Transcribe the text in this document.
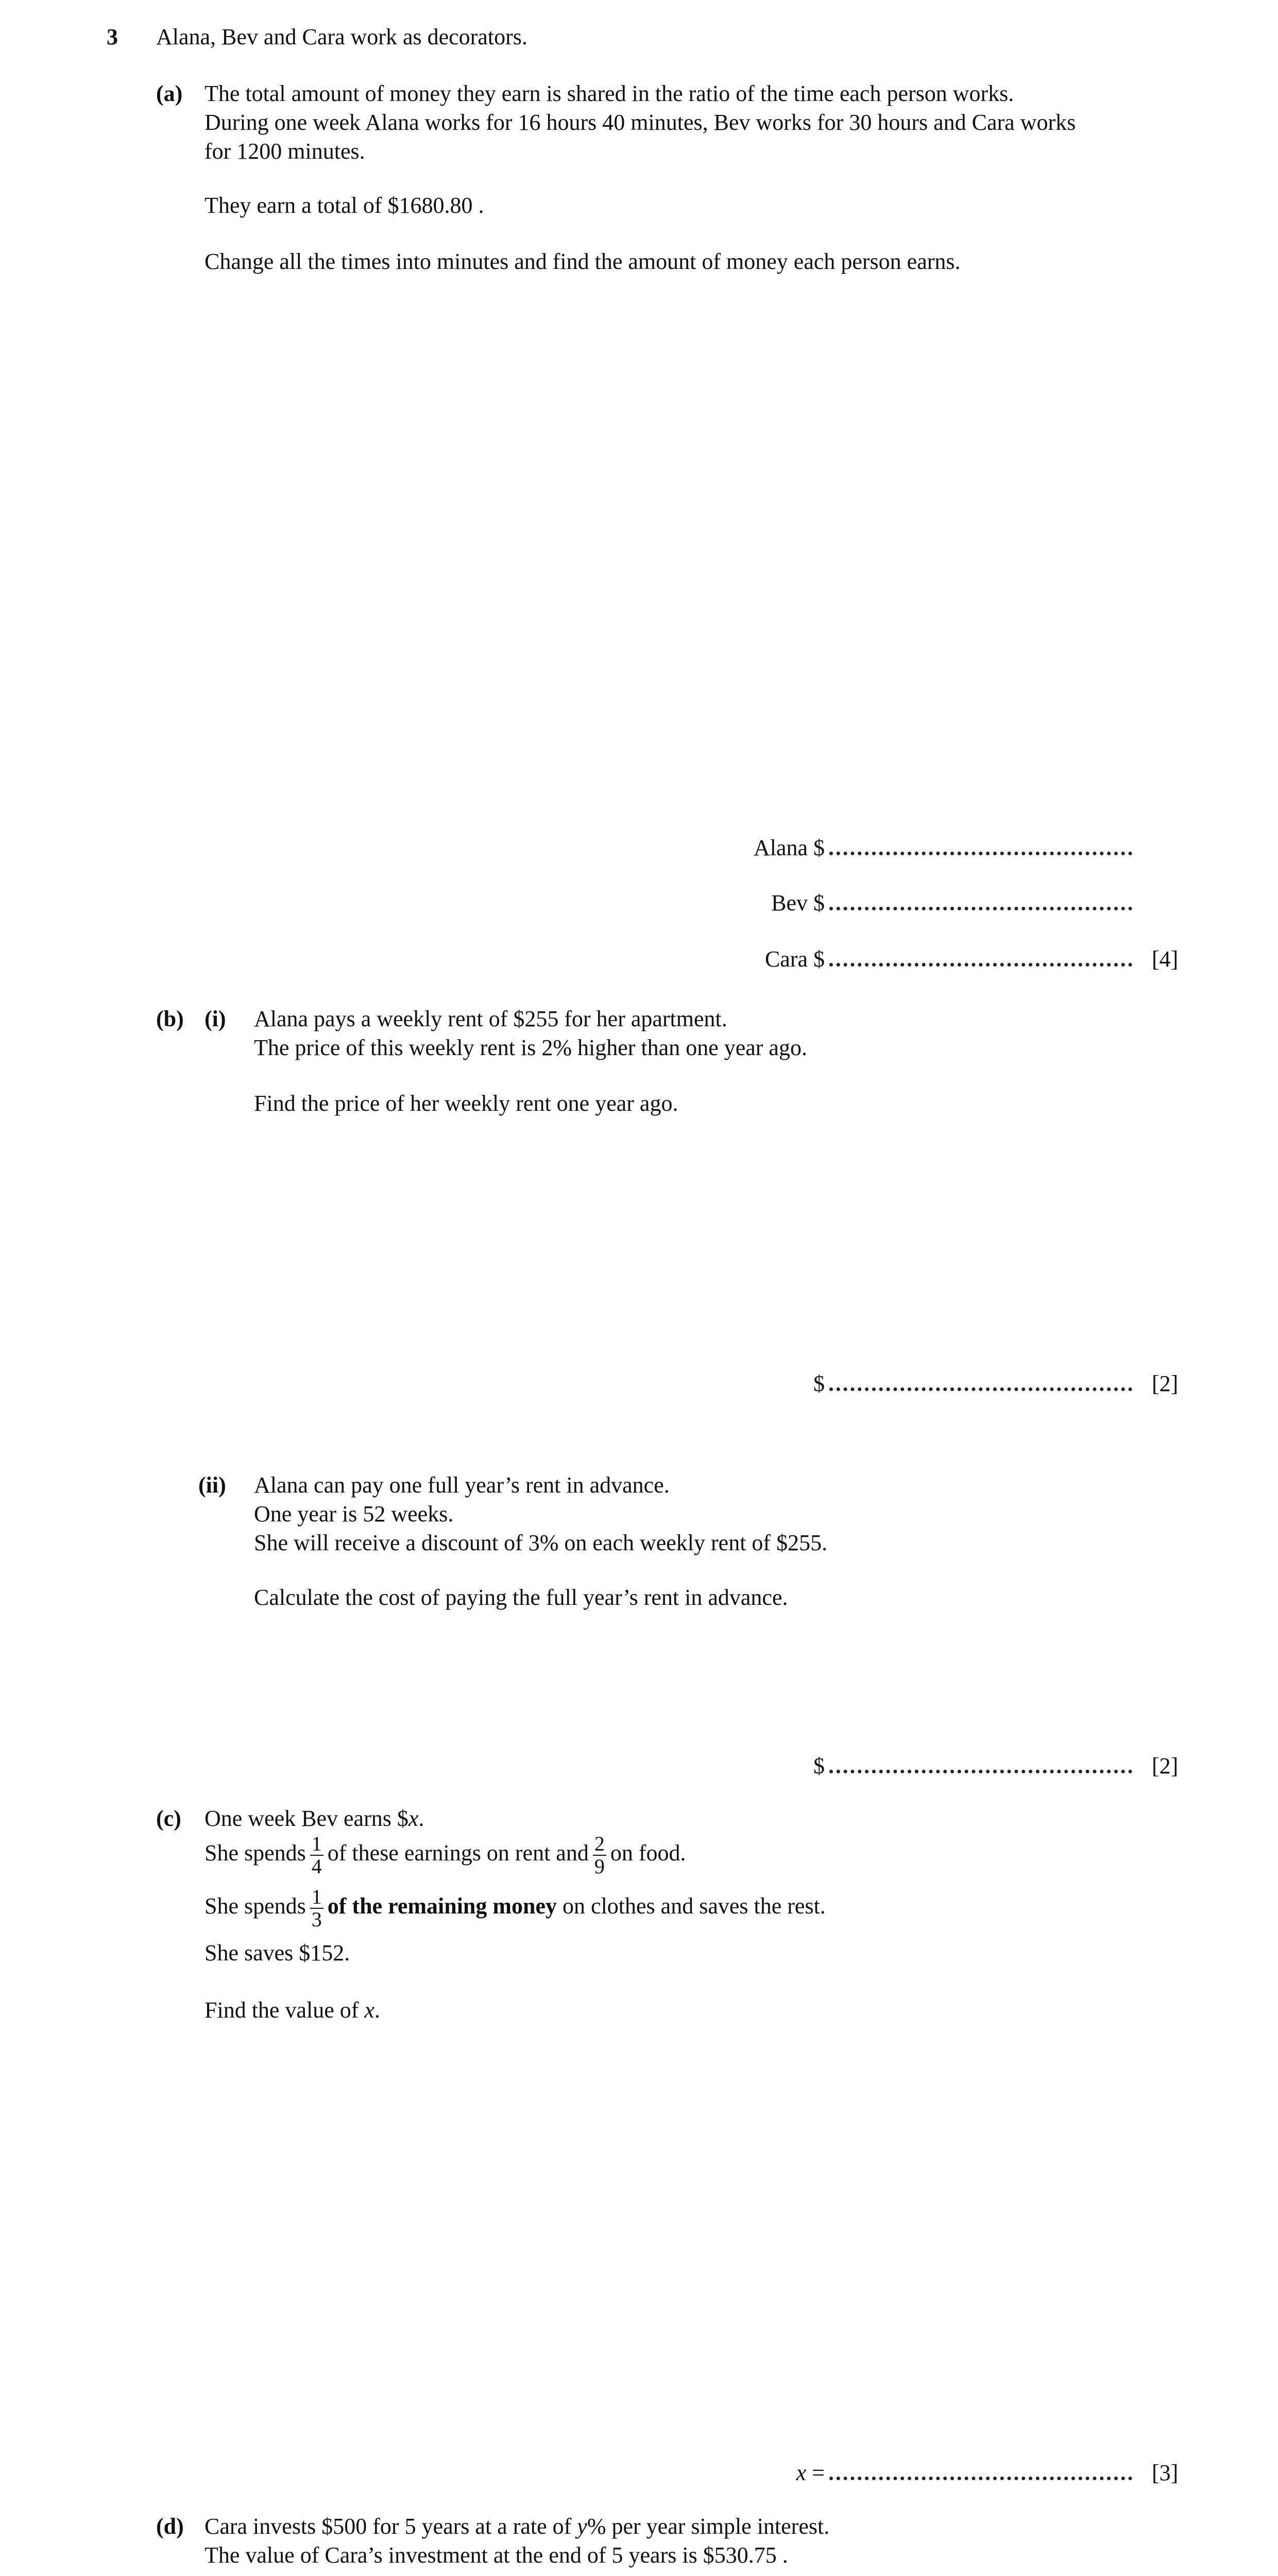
3 Alana, Bev and Cara work as decorators.
(a) The total amount of money they earn is shared in the ratio of the time each person works.
During one week Alana works for 16 hours 40 minutes, Bev works for 30 hours and Cara works
for 1200 minutes.
They earn a total of $1680.80 .
Change all the times into minutes and find the amount of money each person earns.
Alana $
Bev $
Cara $	[4]
(b) (i) Alana pays a weekly rent of $255 for her apartment.
The price of this weekly rent is 2% higher than one year ago.
Find the price of her weekly rent one year ago.
$	[2]
(ii) Alana can pay one full year’s rent in advance.
One year is 52 weeks.
She will receive a discount of 3% on each weekly rent of $255.
Calculate the cost of paying the full year’s rent in advance.
$	[2]
(c) One week Bev earns $x.
She spends $\frac{1}{4}$ of these earnings on rent and $\frac{2}{9}$ on food.
She spends $\frac{1}{3}$ of the remaining money on clothes and saves the rest.
She saves $152.
Find the value of x.
x =	[3]
(d) Cara invests $500 for 5 years at a rate of y% per year simple interest.
The value of Cara’s investment at the end of 5 years is $530.75 .
